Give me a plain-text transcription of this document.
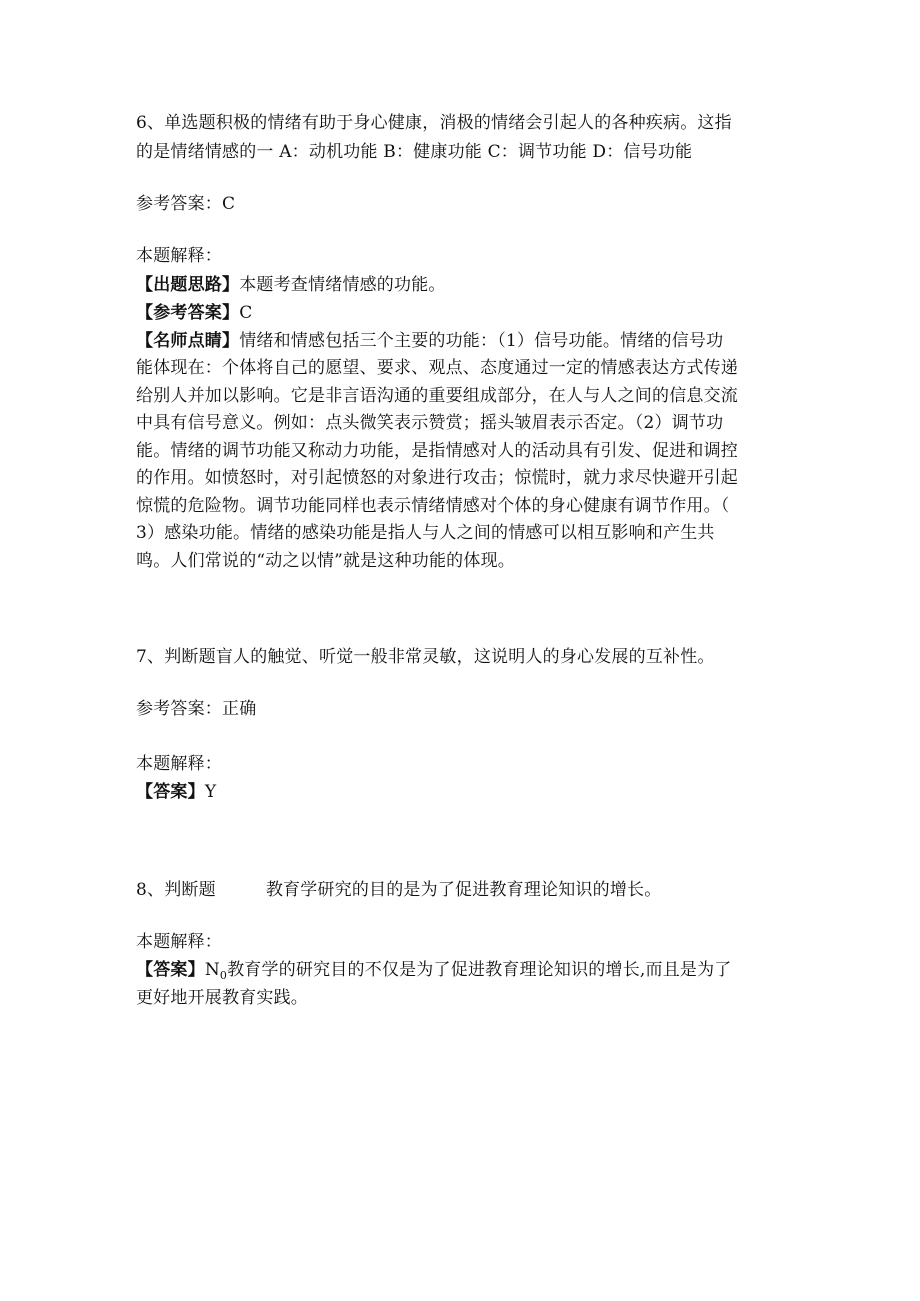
6、单选题积极的情绪有助于身心健康，消极的情绪会引起人的各种疾病。这指
的是情绪情感的一 A：动机功能 B：健康功能 C：调节功能 D：信号功能
参考答案：C
本题解释：
【出题思路】本题考查情绪情感的功能。
【参考答案】C
【名师点睛】情绪和情感包括三个主要的功能：（1）信号功能。情绪的信号功
能体现在：个体将自己的愿望、要求、观点、态度通过一定的情感表达方式传递
给别人并加以影响。它是非言语沟通的重要组成部分，在人与人之间的信息交流
中具有信号意义。例如：点头微笑表示赞赏；摇头皱眉表示否定。（2）调节功
能。情绪的调节功能又称动力功能，是指情感对人的活动具有引发、促进和调控
的作用。如愤怒时，对引起愤怒的对象进行攻击；惊慌时，就力求尽快避开引起
惊慌的危险物。调节功能同样也表示情绪情感对个体的身心健康有调节作用。（
3）感染功能。情绪的感染功能是指人与人之间的情感可以相互影响和产生共
鸣。人们常说的“动之以情”就是这种功能的体现。
7、判断题盲人的触觉、听觉一般非常灵敏，这说明人的身心发展的互补性。
参考答案：正确
本题解释：
【答案】Y
8、判断题	教育学研究的目的是为了促进教育理论知识的增长。
本题解释：
【答案】$N_0$教育学的研究目的不仅是为了促进教育理论知识的增长,而且是为了
更好地开展教育实践。
